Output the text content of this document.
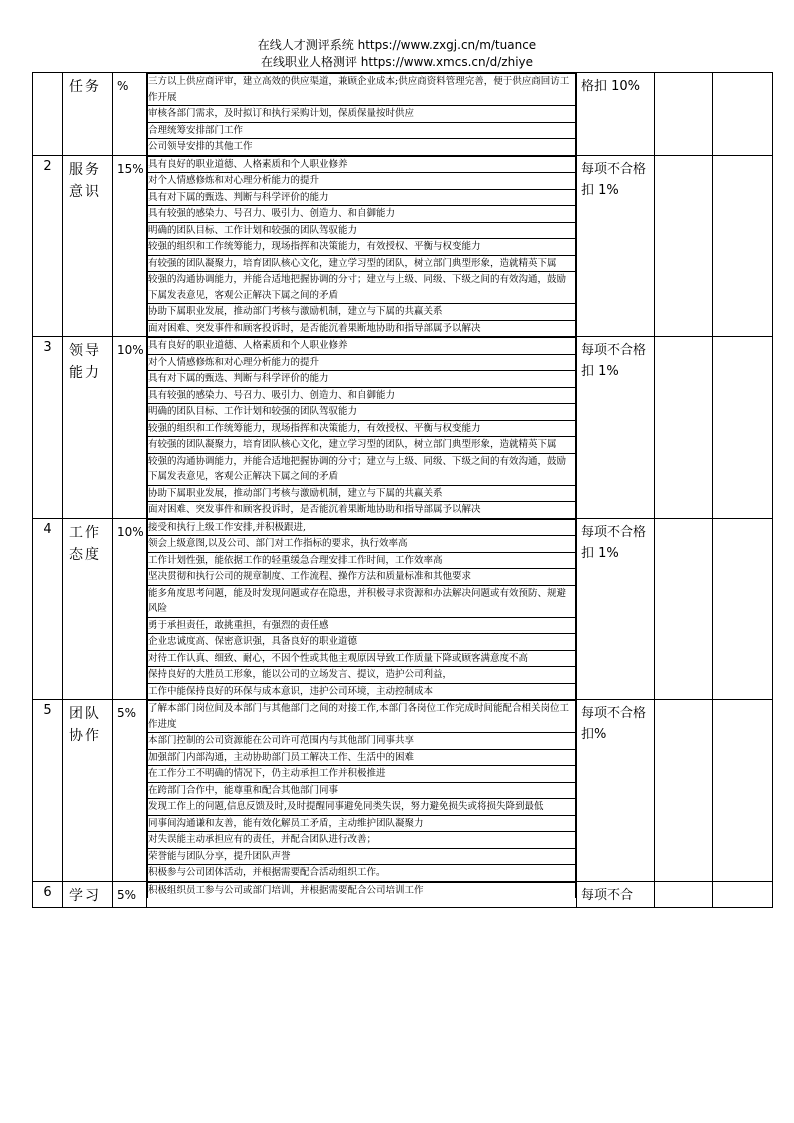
在线人才测评系统 https://www.zxgj.cn/m/tuance
在线职业人格测评 https://www.xmcs.cn/d/zhiye
	任务	%	三方以上供应商评审，建立高效的供应渠道，兼顾企业成本;供应商资料管理完善，便于供应商回访工作开展
审核各部门需求，及时拟订和执行采购计划，保质保量按时供应
合理统筹安排部门工作
公司领导安排的其他工作
	格扣 10%		
2	服务意识	15%	具有良好的职业道德、人格素质和个人职业修养
对个人情感修炼和对心理分析能力的提升
具有对下属的甄选、判断与科学评价的能力
具有较强的感染力、号召力、吸引力、创造力、和自御能力
明确的团队目标、工作计划和较强的团队驾驭能力
较强的组织和工作统筹能力，现场指挥和决策能力，有效授权、平衡与权变能力
有较强的团队凝聚力，培育团队核心文化，建立学习型的团队，树立部门典型形象，造就精英下属
较强的沟通协调能力，并能合适地把握协调的分寸；建立与上级、同级、下级之间的有效沟通，鼓励下属发表意见，客观公正解决下属之间的矛盾
协助下属职业发展，推动部门考核与激励机制，建立与下属的共赢关系
面对困难、突发事件和顾客投诉时，是否能沉着果断地协助和指导部属予以解决
	每项不合格扣 1%		
3	领导能力	10%	具有良好的职业道德、人格素质和个人职业修养
对个人情感修炼和对心理分析能力的提升
具有对下属的甄选、判断与科学评价的能力
具有较强的感染力、号召力、吸引力、创造力、和自御能力
明确的团队目标、工作计划和较强的团队驾驭能力
较强的组织和工作统筹能力，现场指挥和决策能力，有效授权、平衡与权变能力
有较强的团队凝聚力，培育团队核心文化，建立学习型的团队，树立部门典型形象，造就精英下属
较强的沟通协调能力，并能合适地把握协调的分寸；建立与上级、同级、下级之间的有效沟通，鼓励下属发表意见，客观公正解决下属之间的矛盾
协助下属职业发展，推动部门考核与激励机制，建立与下属的共赢关系
面对困难、突发事件和顾客投诉时，是否能沉着果断地协助和指导部属予以解决
	每项不合格扣 1%		
4	工作态度	10%	接受和执行上级工作安排,并积极跟进,
领会上级意图,以及公司、部门对工作指标的要求，执行效率高
工作计划性强，能依据工作的轻重缓急合理安排工作时间，工作效率高
坚决贯彻和执行公司的规章制度、工作流程、操作方法和质量标准和其他要求
能多角度思考问题，能及时发现问题或存在隐患，并积极寻求资源和办法解决问题或有效预防、规避风险
勇于承担责任，敢挑重担，有强烈的责任感
企业忠诚度高、保密意识强，具备良好的职业道德
对待工作认真、细致、耐心，不因个性或其他主观原因导致工作质量下降或顾客满意度不高
保持良好的大胜员工形象，能以公司的立场发言、提议，造护公司利益，
工作中能保持良好的环保与成本意识，违护公司环境，主动控制成本
	每项不合格扣 1%		
5	团队协作	5%	了解本部门岗位间及本部门与其他部门之间的对接工作,本部门各岗位工作完成时间能配合相关岗位工作进度
本部门控制的公司资源能在公司许可范围内与其他部门同事共享
加强部门内部沟通，主动协助部门员工解决工作、生活中的困难
在工作分工不明确的情况下，仍主动承担工作并积极推进
在跨部门合作中，能尊重和配合其他部门同事
发现工作上的问题,信息反馈及时,及时提醒同事避免同类失误，努力避免损失或将损失降到最低
同事间沟通谦和友善，能有效化解员工矛盾，主动维护团队凝聚力
对失误能主动承担应有的责任，并配合团队进行改善；
荣誉能与团队分享，提升团队声誉
积极参与公司团体活动，并根据需要配合活动组织工作。
	每项不合格扣%		
6	学习	5%	积极组织员工参与公司或部门培训，并根据需要配合公司培训工作
		每项不合		
